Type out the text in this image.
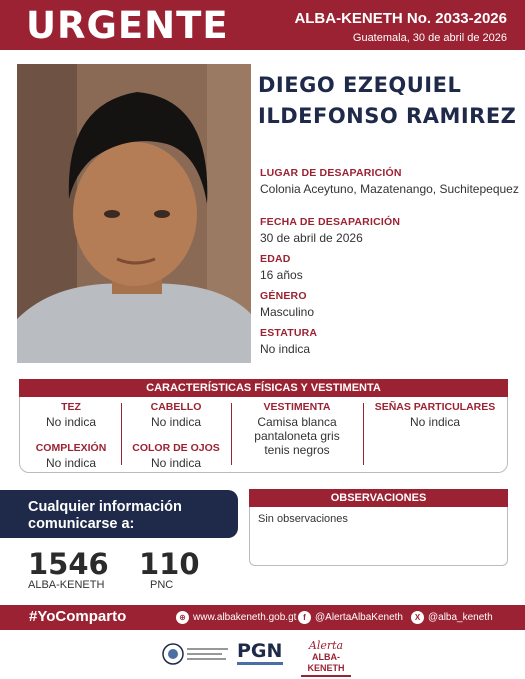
URGENTE	ALBA-KENETH No. 2033-2026
Guatemala, 30 de abril de 2026
DIEGO EZEQUIEL
ILDEFONSO RAMIREZ
LUGAR DE DESAPARICIÓN
Colonia Aceytuno, Mazatenango, Suchitepequez
FECHA DE DESAPARICIÓN
30 de abril de 2026
EDAD
16 años
GÉNERO
Masculino
ESTATURA
No indica
CARACTERÍSTICAS FÍSICAS Y VESTIMENTA
TEZ
No indica
COMPLEXIÓN
No indica
CABELLO
No indica
COLOR DE OJOS
No indica
VESTIMENTA
Camisa blanca
pantaloneta gris
tenis negros
SEÑAS PARTICULARES
No indica
Cualquier información
comunicarse a:
1546
ALBA-KENETH
110
PNC
OBSERVACIONES
Sin observaciones
#YoComparto	⊕ www.albakeneth.gob.gt f @AlertaAlbaKeneth	X @alba_keneth
PGN	Alerta
ALBA-KENETH
